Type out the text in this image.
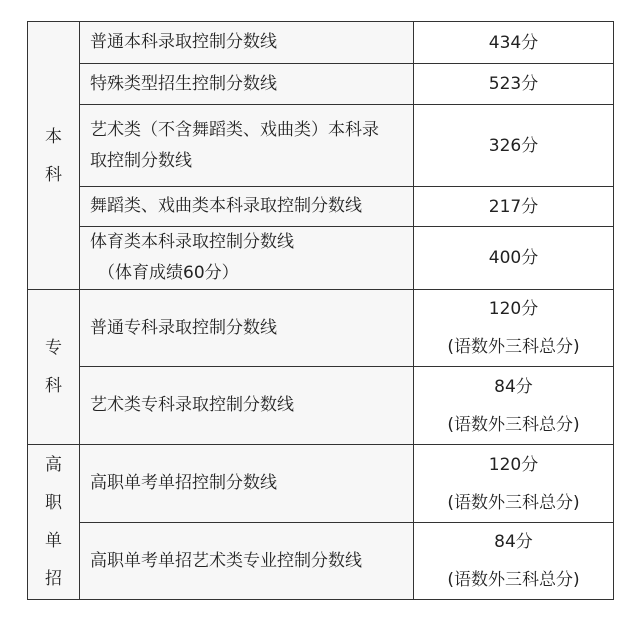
本
科	普通本科录取控制分数线	434分
	特殊类型招生控制分数线	523分

	艺术类（不含舞蹈类、戏曲类）本科录
取控制分数线	326分
	舞蹈类、戏曲类本科录取控制分数线	217分

	体育类本科录取控制分数线
（体育成绩60分）	400分

专
科	普通专科录取控制分数线	120分
(语数外三科总分)

	艺术类专科录取控制分数线	84分
(语数外三科总分)

高
职
单
招	高职单考单招控制分数线	120分
(语数外三科总分)

	高职单考单招艺术类专业控制分数线	84分
(语数外三科总分)
